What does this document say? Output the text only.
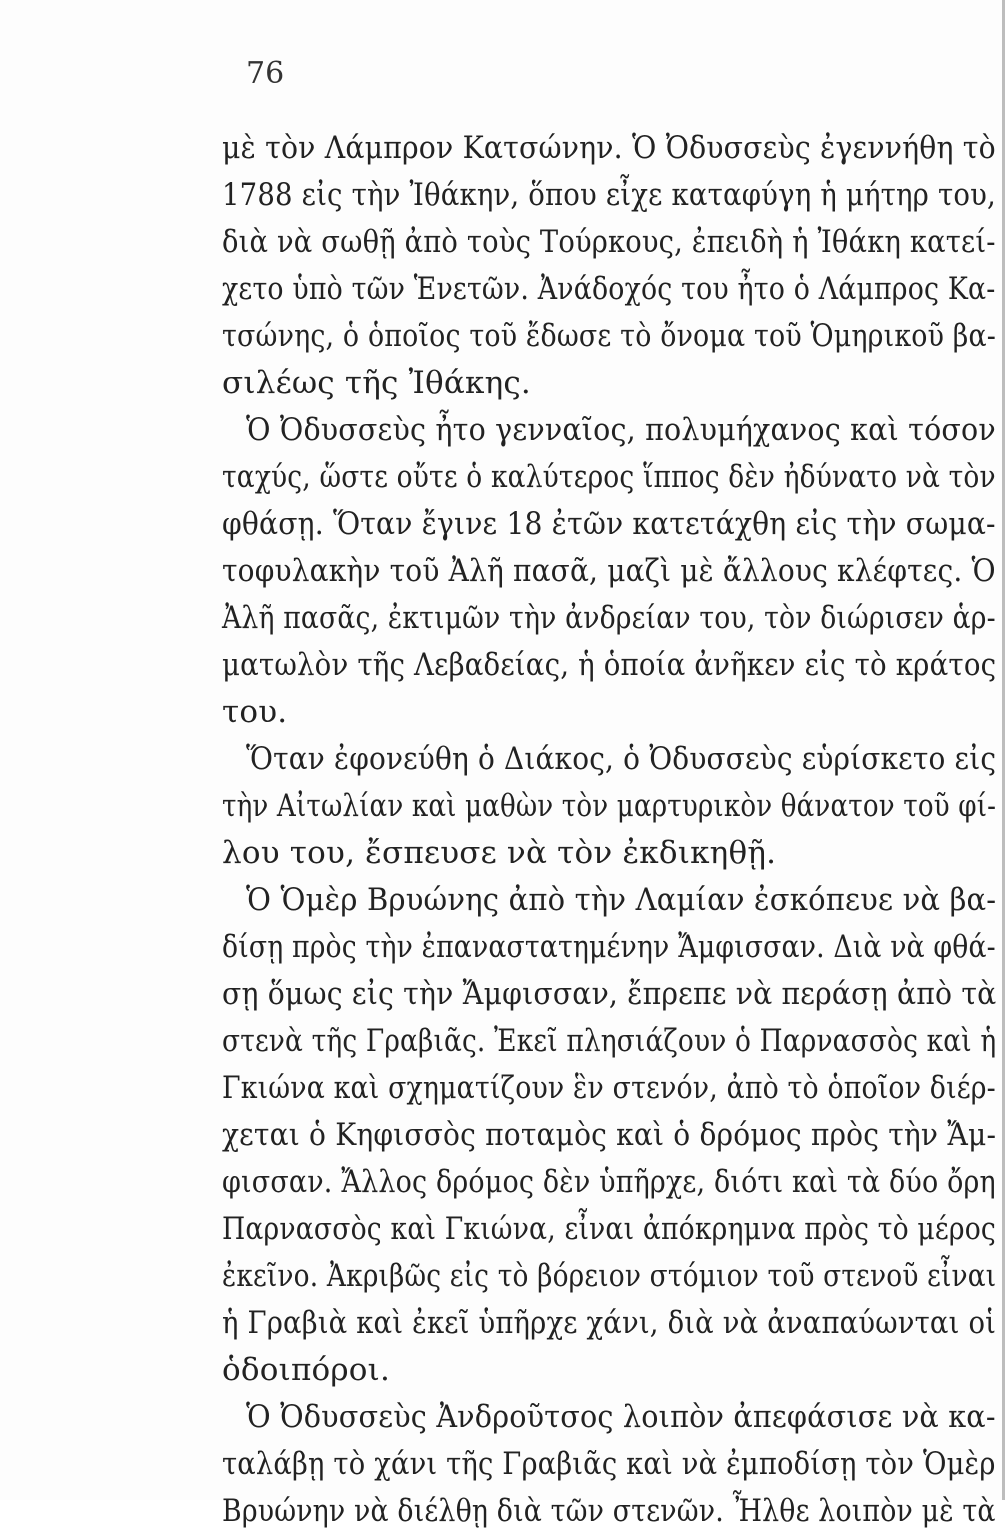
76
μὲ τὸν Λάμπρον Κατσώνην. Ὁ Ὀδυσσεὺς ἐγεννήθη τὸ
1788 εἰς τὴν Ἰθάκην, ὅπου εἶχε καταφύγη ἡ μήτηρ του,
διὰ νὰ σωθῇ ἀπὸ τοὺς Τούρκους, ἐπειδὴ ἡ Ἰθάκη κατεί-
χετο ὑπὸ τῶν Ἑνετῶν. Ἀνάδοχός του ἦτο ὁ Λάμπρος Κα-
τσώνης, ὁ ὁποῖος τοῦ ἔδωσε τὸ ὄνομα τοῦ Ὁμηρικοῦ βα-
σιλέως τῆς Ἰθάκης.
Ὁ Ὀδυσσεὺς ἦτο γενναῖος, πολυμήχανος καὶ τόσον
ταχύς, ὥστε οὔτε ὁ καλύτερος ἵππος δὲν ἠδύνατο νὰ τὸν
φθάσῃ. Ὅταν ἔγινε 18 ἐτῶν κατετάχθη εἰς τὴν σωμα-
τοφυλακὴν τοῦ Ἀλῆ πασᾶ, μαζὶ μὲ ἄλλους κλέφτες. Ὁ
Ἀλῆ πασᾶς, ἐκτιμῶν τὴν ἀνδρείαν του, τὸν διώρισεν ἁρ-
ματωλὸν τῆς Λεβαδείας, ἡ ὁποία ἀνῆκεν εἰς τὸ κράτος
του.
Ὅταν ἐφονεύθη ὁ Διάκος, ὁ Ὀδυσσεὺς εὑρίσκετο εἰς
τὴν Αἰτωλίαν καὶ μαθὼν τὸν μαρτυρικὸν θάνατον τοῦ φί-
λου του, ἔσπευσε νὰ τὸν ἐκδικηθῇ.
Ὁ Ὁμὲρ Βρυώνης ἀπὸ τὴν Λαμίαν ἐσκόπευε νὰ βα-
δίσῃ πρὸς τὴν ἐπαναστατημένην Ἄμφισσαν. Διὰ νὰ φθά-
σῃ ὅμως εἰς τὴν Ἄμφισσαν, ἔπρεπε νὰ περάσῃ ἀπὸ τὰ
στενὰ τῆς Γραβιᾶς. Ἐκεῖ πλησιάζουν ὁ Παρνασσὸς καὶ ἡ
Γκιώνα καὶ σχηματίζουν ἓν στενόν, ἀπὸ τὸ ὁποῖον διέρ-
χεται ὁ Κηφισσὸς ποταμὸς καὶ ὁ δρόμος πρὸς τὴν Ἄμ-
φισσαν. Ἄλλος δρόμος δὲν ὑπῆρχε, διότι καὶ τὰ δύο ὄρη
Παρνασσὸς καὶ Γκιώνα, εἶναι ἀπόκρημνα πρὸς τὸ μέρος
ἐκεῖνο. Ἀκριβῶς εἰς τὸ βόρειον στόμιον τοῦ στενοῦ εἶναι
ἡ Γραβιὰ καὶ ἐκεῖ ὑπῆρχε χάνι, διὰ νὰ ἀναπαύωνται οἱ
ὁδοιπόροι.
Ὁ Ὀδυσσεὺς Ἀνδροῦτσος λοιπὸν ἀπεφάσισε νὰ κα-
ταλάβῃ τὸ χάνι τῆς Γραβιᾶς καὶ νὰ ἐμποδίσῃ τὸν Ὁμὲρ
Βρυώνην νὰ διέλθῃ διὰ τῶν στενῶν. Ἦλθε λοιπὸν μὲ τὰ
